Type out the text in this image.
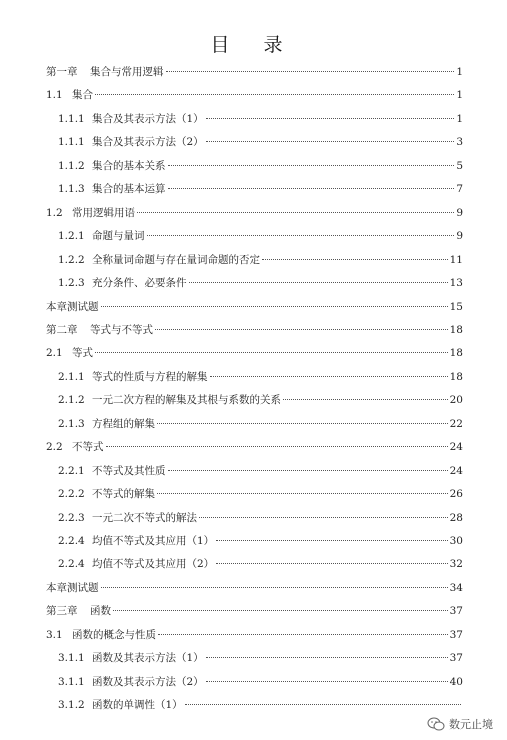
目 录
第一章	集合与常用逻辑	1
1.1 集合	1
1.1.1 集合及其表示方法（1）	1
1.1.1 集合及其表示方法（2）	3
1.1.2 集合的基本关系	5
1.1.3 集合的基本运算	7
1.2 常用逻辑用语	9
1.2.1 命题与量词	9
1.2.2 全称量词命题与存在量词命题的否定	11
1.2.3 充分条件、必要条件	13
本章测试题	15
第二章	等式与不等式	18
2.1 等式	18
2.1.1 等式的性质与方程的解集	18
2.1.2 一元二次方程的解集及其根与系数的关系	20
2.1.3 方程组的解集	22
2.2 不等式	24
2.2.1 不等式及其性质	24
2.2.2 不等式的解集	26
2.2.3 一元二次不等式的解法	28
2.2.4 均值不等式及其应用（1）	30
2.2.4 均值不等式及其应用（2）	32
本章测试题	34
第三章	函数	37
3.1 函数的概念与性质	37
3.1.1 函数及其表示方法（1）	37
3.1.1 函数及其表示方法（2）	40
3.1.2 函数的单调性（1）
数元止境
